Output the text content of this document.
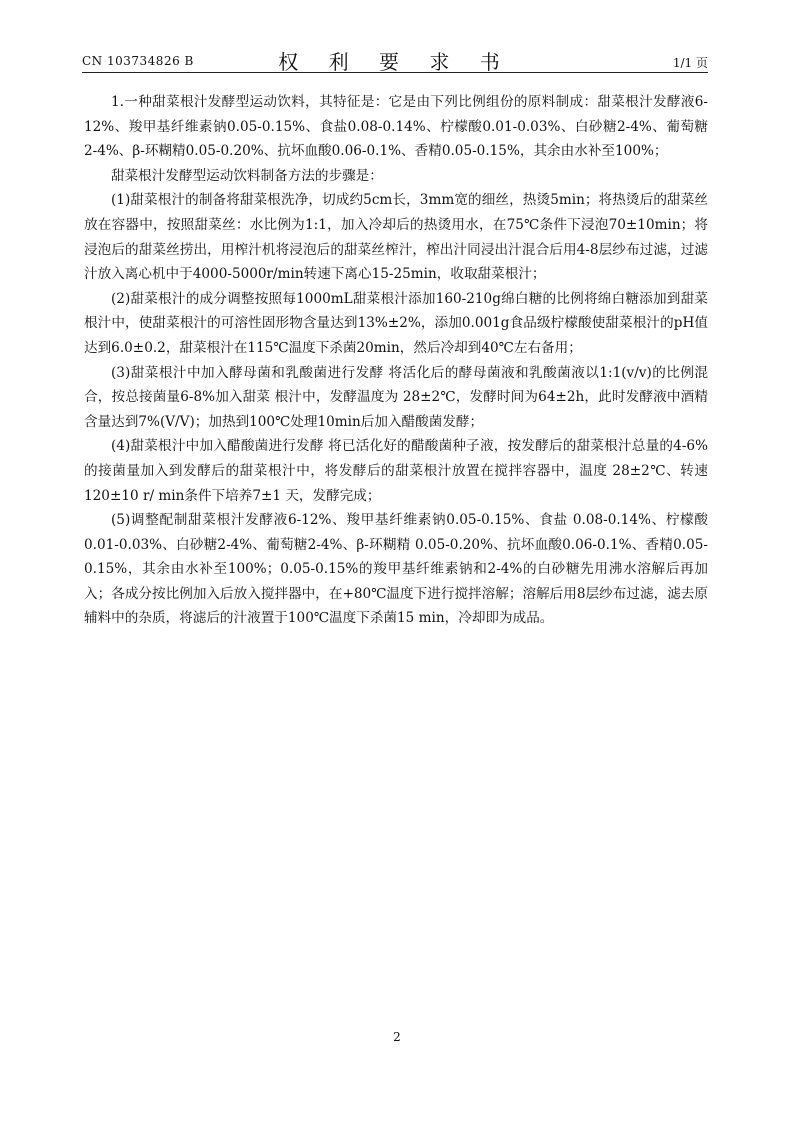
CN 103734826 B	权 利 要 求 书	1/1 页

1.一种甜菜根汁发酵型运动饮料，其特征是：它是由下列比例组份的原料制成：甜菜根汁发酵液6-12%、羧甲基纤维素钠0.05-0.15%、食盐0.08-0.14%、柠檬酸0.01-0.03%、白砂糖2-4%、葡萄糖2-4%、β-环糊精0.05-0.20%、抗坏血酸0.06-0.1%、香精0.05-0.15%，其余由水补至100%；

甜菜根汁发酵型运动饮料制备方法的步骤是：

(1)甜菜根汁的制备将甜菜根洗净，切成约5cm长，3mm宽的细丝，热烫5min；将热烫后的甜菜丝放在容器中，按照甜菜丝：水比例为1:1，加入冷却后的热烫用水，在75℃条件下浸泡70±10min；将浸泡后的甜菜丝捞出，用榨汁机将浸泡后的甜菜丝榨汁，榨出汁同浸出汁混合后用4-8层纱布过滤，过滤汁放入离心机中于4000-5000r/min转速下离心15-25min，收取甜菜根汁；

(2)甜菜根汁的成分调整按照每1000mL甜菜根汁添加160-210g绵白糖的比例将绵白糖添加到甜菜根汁中，使甜菜根汁的可溶性固形物含量达到13%±2%，添加0.001g食品级柠檬酸使甜菜根汁的pH值达到6.0±0.2，甜菜根汁在115℃温度下杀菌20min，然后冷却到40℃左右备用；

(3)甜菜根汁中加入酵母菌和乳酸菌进行发酵 将活化后的酵母菌液和乳酸菌液以1:1(v/v)的比例混合，按总接菌量6-8%加入甜菜 根汁中，发酵温度为 28±2℃，发酵时间为64±2h，此时发酵液中酒精含量达到7%(V/V)；加热到100℃处理10min后加入醋酸菌发酵；

(4)甜菜根汁中加入醋酸菌进行发酵 将已活化好的醋酸菌种子液，按发酵后的甜菜根汁总量的4-6%的接菌量加入到发酵后的甜菜根汁中，将发酵后的甜菜根汁放置在搅拌容器中，温度 28±2℃、转速120±10 r/ min条件下培养7±1 天，发酵完成；

(5)调整配制甜菜根汁发酵液6-12%、羧甲基纤维素钠0.05-0.15%、食盐 0.08-0.14%、柠檬酸0.01-0.03%、白砂糖2-4%、葡萄糖2-4%、β-环糊精 0.05-0.20%、抗坏血酸0.06-0.1%、香精0.05-0.15%，其余由水补至100%；0.05-0.15%的羧甲基纤维素钠和2-4%的白砂糖先用沸水溶解后再加入；各成分按比例加入后放入搅拌器中，在+80℃温度下进行搅拌溶解；溶解后用8层纱布过滤，滤去原辅料中的杂质，将滤后的汁液置于100℃温度下杀菌15 min，冷却即为成品。

2
